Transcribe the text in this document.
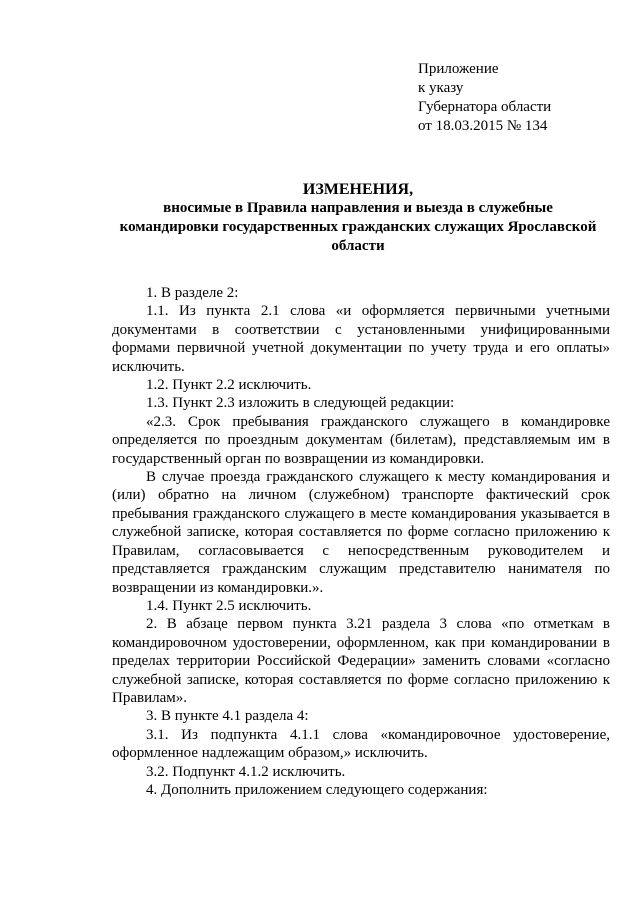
Приложение
к указу
Губернатора области
от 18.03.2015 № 134
ИЗМЕНЕНИЯ,
вносимые в Правила направления и выезда в служебные командировки государственных гражданских служащих Ярославской области

1. В разделе 2:

1.1. Из пункта 2.1 слова «и оформляется первичными учетными документами в соответствии с установленными унифицированными формами первичной учетной документации по учету труда и его оплаты» исключить.

1.2. Пункт 2.2 исключить.

1.3. Пункт 2.3 изложить в следующей редакции:

«2.3. Срок пребывания гражданского служащего в командировке определяется по проездным документам (билетам), представляемым им в государственный орган по возвращении из командировки.

В случае проезда гражданского служащего к месту командирования и (или) обратно на личном (служебном) транспорте фактический срок пребывания гражданского служащего в месте командирования указывается в служебной записке, которая составляется по форме согласно приложению к Правилам, согласовывается с непосредственным руководителем и представляется гражданским служащим представителю нанимателя по возвращении из командировки.».

1.4. Пункт 2.5 исключить.

2. В абзаце первом пункта 3.21 раздела 3 слова «по отметкам в командировочном удостоверении, оформленном, как при командировании в пределах территории Российской Федерации» заменить словами «согласно служебной записке, которая составляется по форме согласно приложению к Правилам».

3. В пункте 4.1 раздела 4:

3.1. Из подпункта 4.1.1 слова «командировочное удостоверение, оформленное надлежащим образом,» исключить.

3.2. Подпункт 4.1.2 исключить.

4. Дополнить приложением следующего содержания:
